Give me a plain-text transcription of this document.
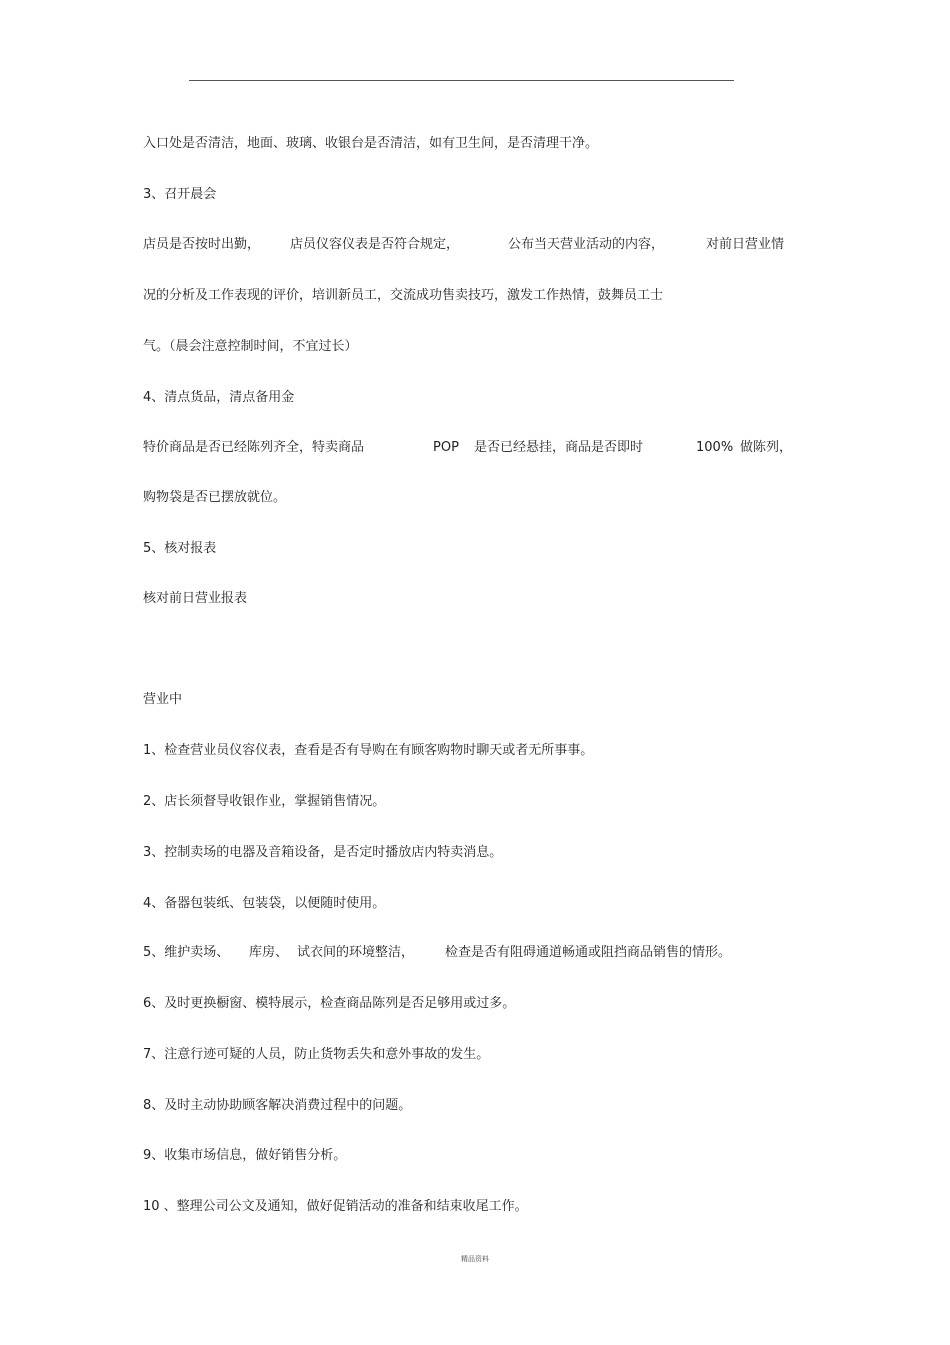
入口处是否清洁，地面、玻璃、收银台是否清洁，如有卫生间，是否清理干净。

3、召开晨会

店员是否按时出勤， 店员仪容仪表是否符合规定，	公布当天营业活动的内容，	对前日营业情

况的分析及工作表现的评价，培训新员工，交流成功售卖技巧，激发工作热情，鼓舞员工士

气。（晨会注意控制时间，不宜过长）

4、清点货品，清点备用金

特价商品是否已经陈列齐全，特卖商品	POP 是否已经悬挂，商品是否即时	100% 做陈列，

购物袋是否已摆放就位。

5、核对报表

核对前日营业报表

营业中

1、检查营业员仪容仪表，查看是否有导购在有顾客购物时聊天或者无所事事。

2、店长须督导收银作业，掌握销售情况。

3、控制卖场的电器及音箱设备，是否定时播放店内特卖消息。

4、备器包装纸、包装袋，以便随时使用。

5、维护卖场、 库房、 试衣间的环境整洁， 检查是否有阻碍通道畅通或阻挡商品销售的情形。

6、及时更换橱窗、模特展示，检查商品陈列是否足够用或过多。

7、注意行迹可疑的人员，防止货物丢失和意外事故的发生。

8、及时主动协助顾客解决消费过程中的问题。

9、收集市场信息，做好销售分析。

10 、整理公司公文及通知，做好促销活动的准备和结束收尾工作。

精品资料
